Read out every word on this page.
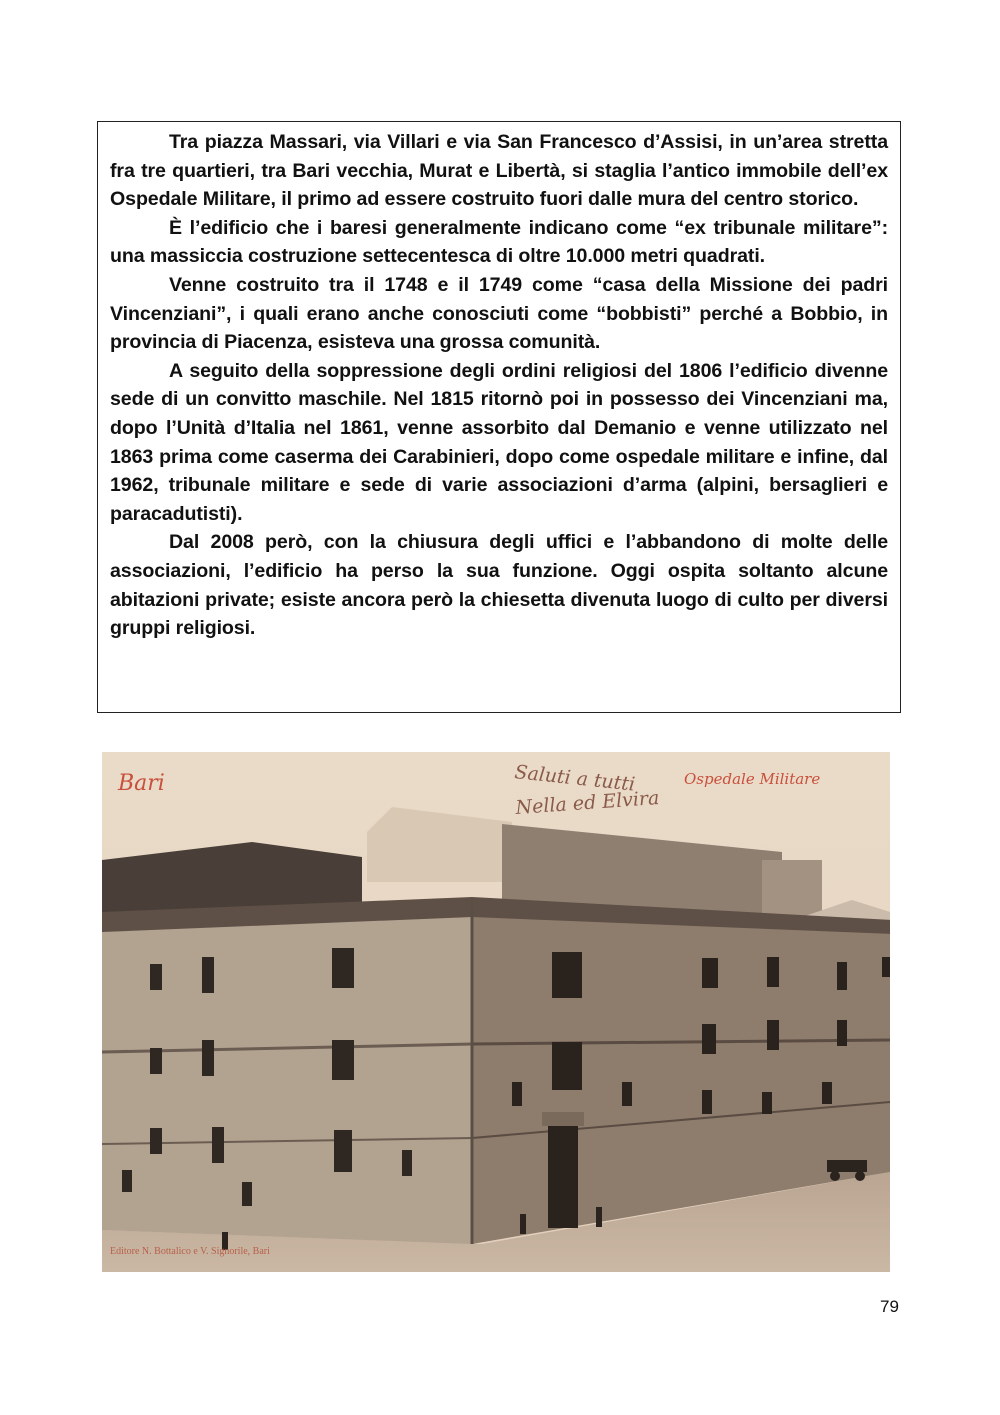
Tra piazza Massari, via Villari e via San Francesco d’Assisi, in un’area stretta fra tre quartieri, tra Bari vecchia, Murat e Libertà, si staglia l’antico immobile dell’ex Ospedale Militare, il primo ad essere costruito fuori dalle mura del centro storico.

È l’edificio che i baresi generalmente indicano come “ex tribunale militare”: una massiccia costruzione settecentesca di oltre 10.000 metri quadrati.

Venne costruito tra il 1748 e il 1749 come “casa della Missione dei padri Vincenziani”, i quali erano anche conosciuti come “bobbisti” perché a Bobbio, in provincia di Piacenza, esisteva una grossa comunità.

A seguito della soppressione degli ordini religiosi del 1806 l’edificio divenne sede di un convitto maschile. Nel 1815 ritornò poi in possesso dei Vincenziani ma, dopo l’Unità d’Italia nel 1861, venne assorbito dal Demanio e venne utilizzato nel 1863 prima come caserma dei Carabinieri, dopo come ospedale militare e infine, dal 1962, tribunale militare e sede di varie associazioni d’arma (alpini, bersaglieri e paracadutisti).

Dal 2008 però, con la chiusura degli uffici e l’abbandono di molte delle associazioni, l’edificio ha perso la sua funzione. Oggi ospita soltanto alcune abitazioni private; esiste ancora però la chiesetta divenuta luogo di culto per diversi gruppi religiosi.

Bari	Ospedale Militare
Saluti a tutti
Nella ed Elvira
Editore N. Bottalico e V. Signorile, Bari
79
